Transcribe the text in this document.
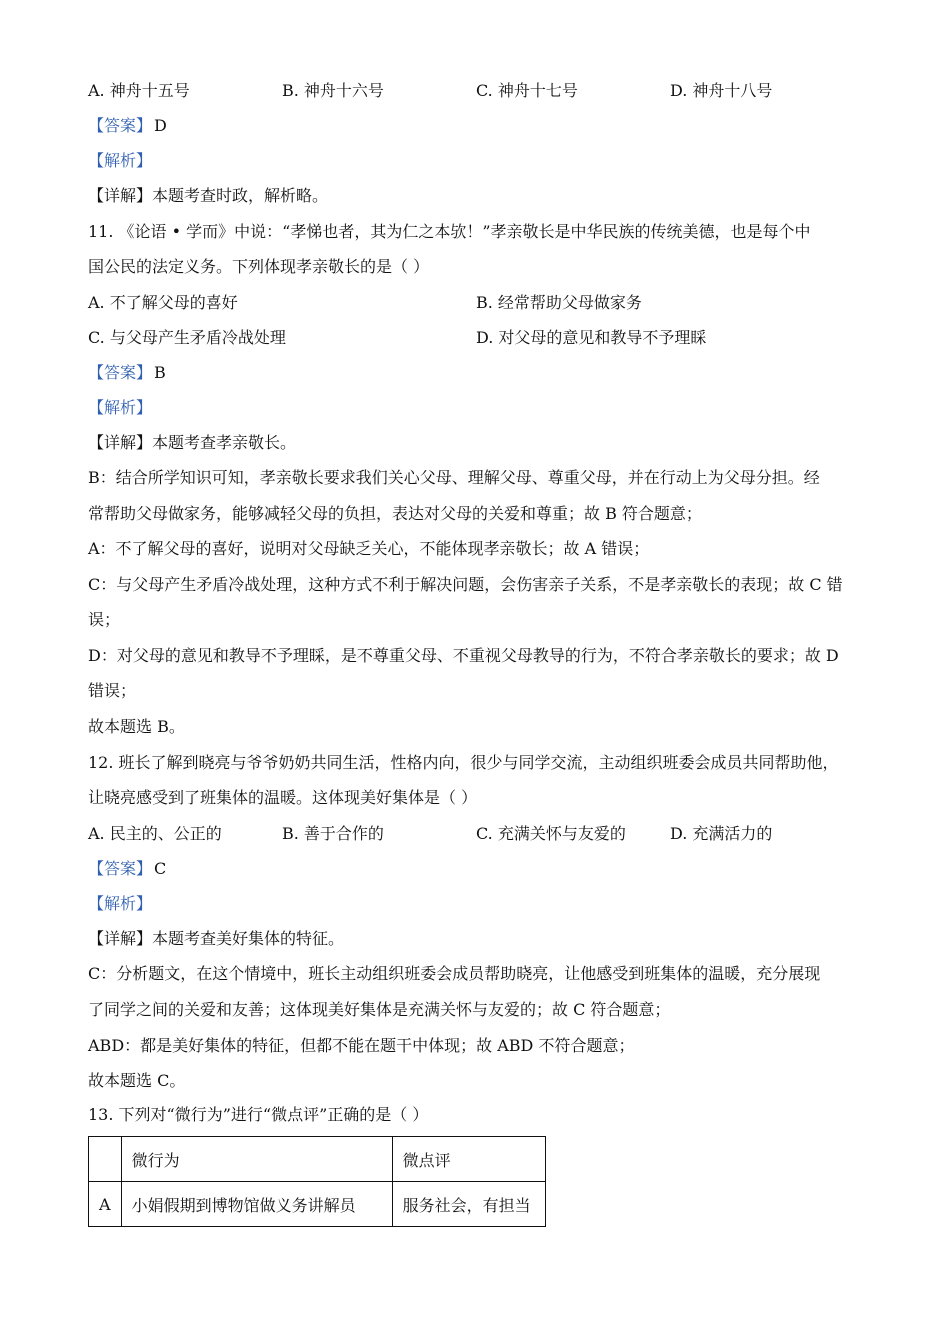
A. 神舟十五号	B. 神舟十六号	C. 神舟十七号	D. 神舟十八号
【答案】 D
【解析】
【详解】本题考查时政，解析略。
11. 《论语 • 学而》中说：“孝悌也者，其为仁之本欤！”孝亲敬长是中华民族的传统美德，也是每个中
国公民的法定义务。下列体现孝亲敬长的是（ ）
A. 不了解父母的喜好	B. 经常帮助父母做家务
C. 与父母产生矛盾冷战处理	D. 对父母的意见和教导不予理睬
【答案】 B
【解析】
【详解】本题考查孝亲敬长。
B：结合所学知识可知，孝亲敬长要求我们关心父母、理解父母、尊重父母，并在行动上为父母分担。经
常帮助父母做家务，能够减轻父母的负担，表达对父母的关爱和尊重；故 B 符合题意；
A：不了解父母的喜好，说明对父母缺乏关心，不能体现孝亲敬长；故 A 错误；
C：与父母产生矛盾冷战处理，这种方式不利于解决问题，会伤害亲子关系，不是孝亲敬长的表现；故 C 错
误；
D：对父母的意见和教导不予理睬，是不尊重父母、不重视父母教导的行为，不符合孝亲敬长的要求；故 D
错误；
故本题选 B。
12. 班长了解到晓亮与爷爷奶奶共同生活，性格内向，很少与同学交流，主动组织班委会成员共同帮助他，
让晓亮感受到了班集体的温暖。这体现美好集体是（ ）
A. 民主的、公正的	B. 善于合作的	C. 充满关怀与友爱的	D. 充满活力的
【答案】 C
【解析】
【详解】本题考查美好集体的特征。
C：分析题文，在这个情境中，班长主动组织班委会成员帮助晓亮，让他感受到班集体的温暖，充分展现
了同学之间的关爱和友善；这体现美好集体是充满关怀与友爱的；故 C 符合题意；
ABD：都是美好集体的特征，但都不能在题干中体现；故 ABD 不符合题意；
故本题选 C。
13. 下列对“微行为”进行“微点评”正确的是（ ）
	微行为	微点评
A	小娟假期到博物馆做义务讲解员	服务社会，有担当
